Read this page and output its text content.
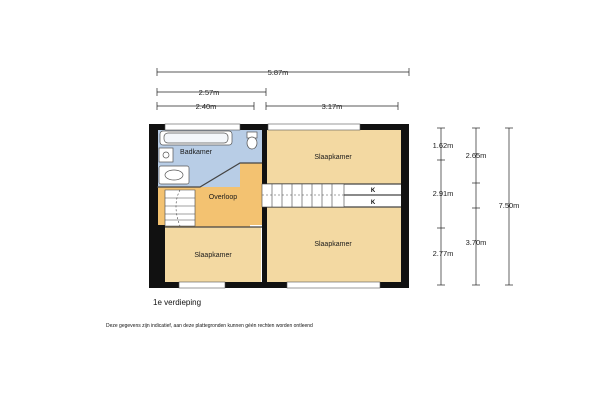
5.87m
2.57m
2.40m	3.17m
1.62m
2.91m
2.77m
2.65m
3.70m
7.50m
Badkamer
Overloop
Slaapkamer
Slaapkamer
Slaapkamer
K
K
1e verdieping
Deze gegevens zijn indicatief, aan deze plattegronden kunnen géén rechten worden ontleend
